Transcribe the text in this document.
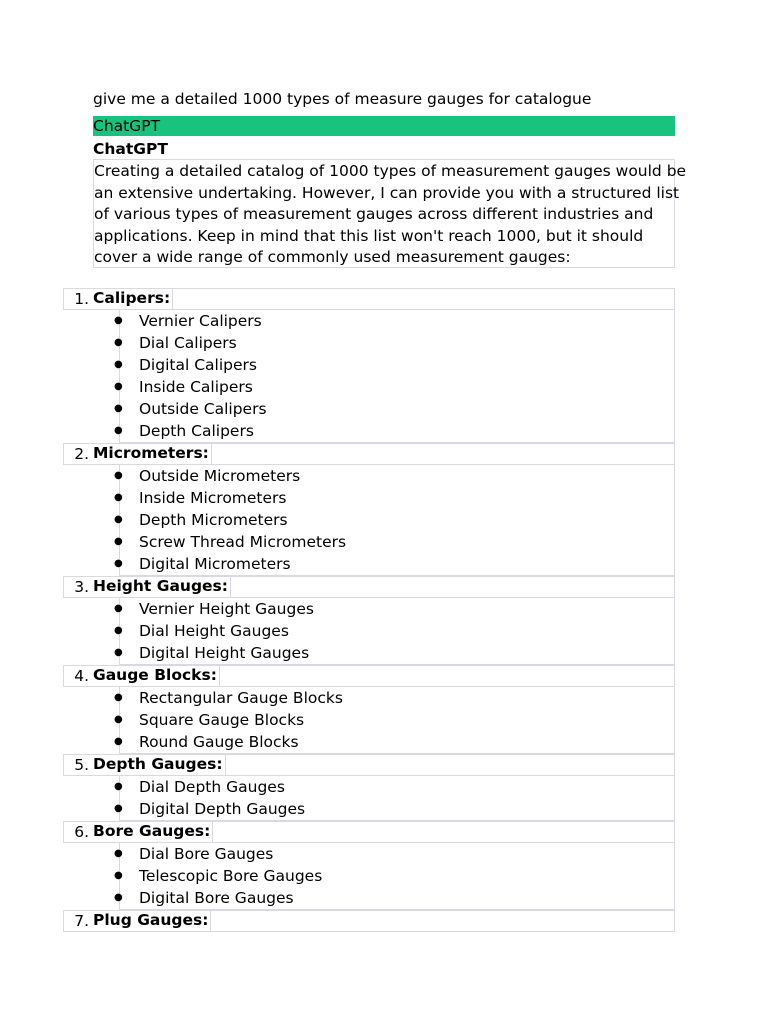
give me a detailed 1000 types of measure gauges for catalogue
ChatGPT
ChatGPT
Creating a detailed catalog of 1000 types of measurement gauges would be
an extensive undertaking. However, I can provide you with a structured list
of various types of measurement gauges across different industries and
applications. Keep in mind that this list won't reach 1000, but it should
cover a wide range of commonly used measurement gauges:
1. Calipers:
● Vernier Calipers
● Dial Calipers
● Digital Calipers
● Inside Calipers
● Outside Calipers
● Depth Calipers
2. Micrometers:
● Outside Micrometers
● Inside Micrometers
● Depth Micrometers
● Screw Thread Micrometers
● Digital Micrometers
3. Height Gauges:
● Vernier Height Gauges
● Dial Height Gauges
● Digital Height Gauges
4. Gauge Blocks:
● Rectangular Gauge Blocks
● Square Gauge Blocks
● Round Gauge Blocks
5. Depth Gauges:
● Dial Depth Gauges
● Digital Depth Gauges
6. Bore Gauges:
● Dial Bore Gauges
● Telescopic Bore Gauges
● Digital Bore Gauges
7. Plug Gauges:
